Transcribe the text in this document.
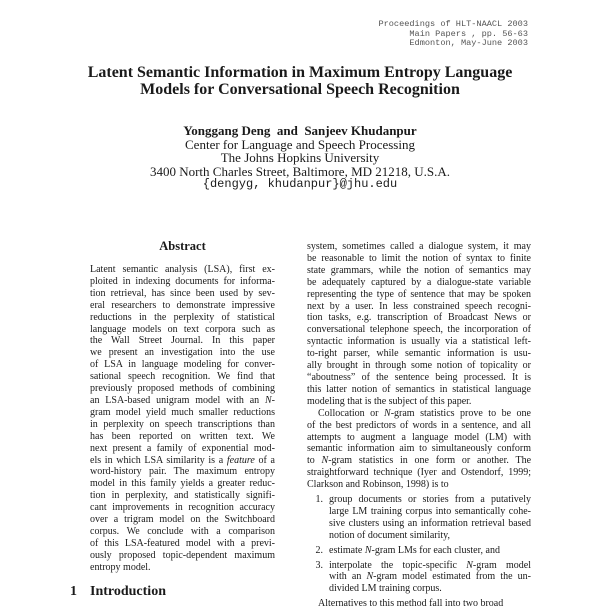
Proceedings of HLT-NAACL 2003
Main Papers , pp. 56-63
Edmonton, May-June 2003
Latent Semantic Information in Maximum Entropy Language
Models for Conversational Speech Recognition
Yonggang Deng  and  Sanjeev Khudanpur
Center for Language and Speech Processing
The Johns Hopkins University
3400 North Charles Street, Baltimore, MD 21218, U.S.A.
{dengyg, khudanpur}@jhu.edu
Abstract
Latent semantic analysis (LSA), first ex-
ploited in indexing documents for informa-
tion retrieval, has since been used by sev-
eral researchers to demonstrate impressive
reductions in the perplexity of statistical
language models on text corpora such as
the Wall Street Journal. In this paper
we present an investigation into the use
of LSA in language modeling for conver-
sational speech recognition. We find that
previously proposed methods of combining
an LSA-based unigram model with an N-
gram model yield much smaller reductions
in perplexity on speech transcriptions than
has been reported on written text. We
next present a family of exponential mod-
els in which LSA similarity is a feature of a
word-history pair. The maximum entropy
model in this family yields a greater reduc-
tion in perplexity, and statistically signifi-
cant improvements in recognition accuracy
over a trigram model on the Switchboard
corpus. We conclude with a comparison
of this LSA-featured model with a previ-
ously proposed topic-dependent maximum
entropy model.
1 Introduction
system, sometimes called a dialogue system, it may
be reasonable to limit the notion of syntax to finite
state grammars, while the notion of semantics may
be adequately captured by a dialogue-state variable
representing the type of sentence that may be spoken
next by a user. In less constrained speech recogni-
tion tasks, e.g. transcription of Broadcast News or
conversational telephone speech, the incorporation of
syntactic information is usually via a statistical left-
to-right parser, while semantic information is usu-
ally brought in through some notion of topicality or
“aboutness” of the sentence being processed. It is
this latter notion of semantics in statistical language
modeling that is the subject of this paper.
Collocation or N-gram statistics prove to be one
of the best predictors of words in a sentence, and all
attempts to augment a language model (LM) with
semantic information aim to simultaneously conform
to N-gram statistics in one form or another. The
straightforward technique (Iyer and Ostendorf, 1999;
Clarkson and Robinson, 1998) is to
1. group documents or stories from a putatively
large LM training corpus into semantically cohe-
sive clusters using an information retrieval based
notion of document similarity,
2. estimate N-gram LMs for each cluster, and
3. interpolate the topic-specific N-gram model
with an N-gram model estimated from the un-
divided LM training corpus.
Alternatives to this method fall into two broad
